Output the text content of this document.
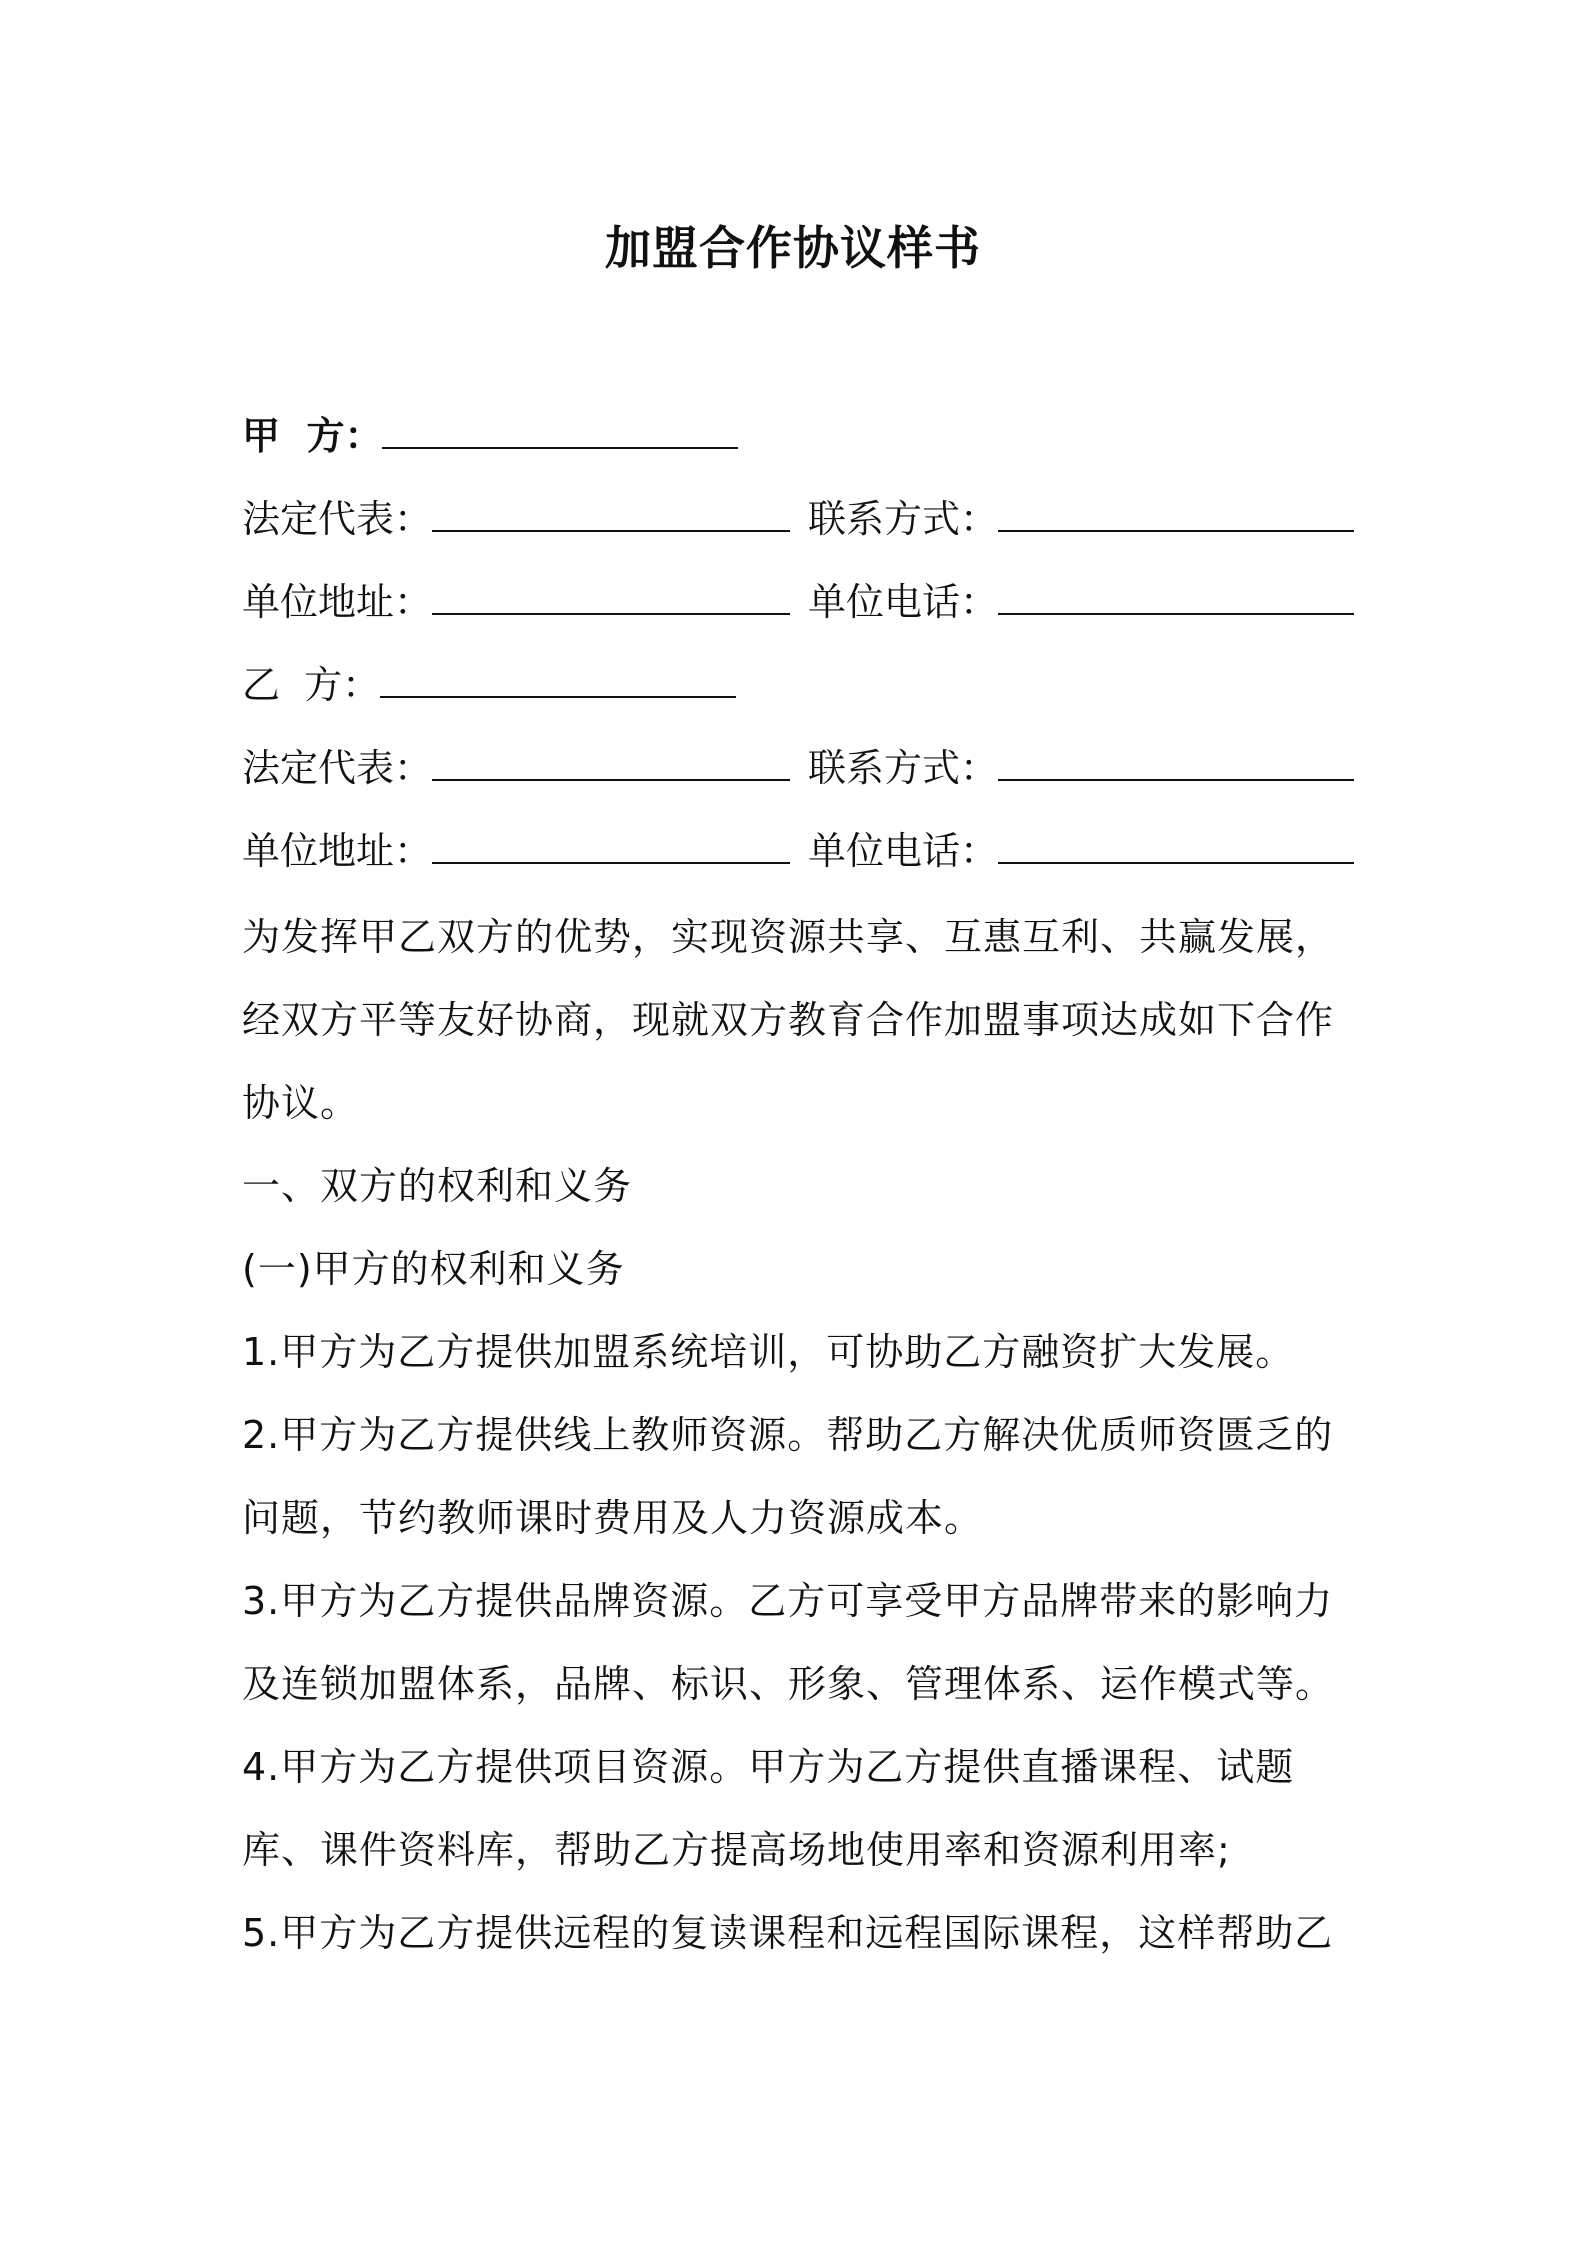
加盟合作协议样书
甲  方：
法定代表：	联系方式：
单位地址：	单位电话：
乙  方：
法定代表：	联系方式：
单位地址：	单位电话：
为发挥甲乙双方的优势，实现资源共享、互惠互利、共赢发展，经双方平等友好协商，现就双方教育合作加盟事项达成如下合作协议。
一、双方的权利和义务
(一)甲方的权利和义务
1.甲方为乙方提供加盟系统培训，可协助乙方融资扩大发展。
2.甲方为乙方提供线上教师资源。帮助乙方解决优质师资匮乏的问题，节约教师课时费用及人力资源成本。
3.甲方为乙方提供品牌资源。乙方可享受甲方品牌带来的影响力及连锁加盟体系，品牌、标识、形象、管理体系、运作模式等。
4.甲方为乙方提供项目资源。甲方为乙方提供直播课程、试题库、课件资料库，帮助乙方提高场地使用率和资源利用率;
5.甲方为乙方提供远程的复读课程和远程国际课程，这样帮助乙
